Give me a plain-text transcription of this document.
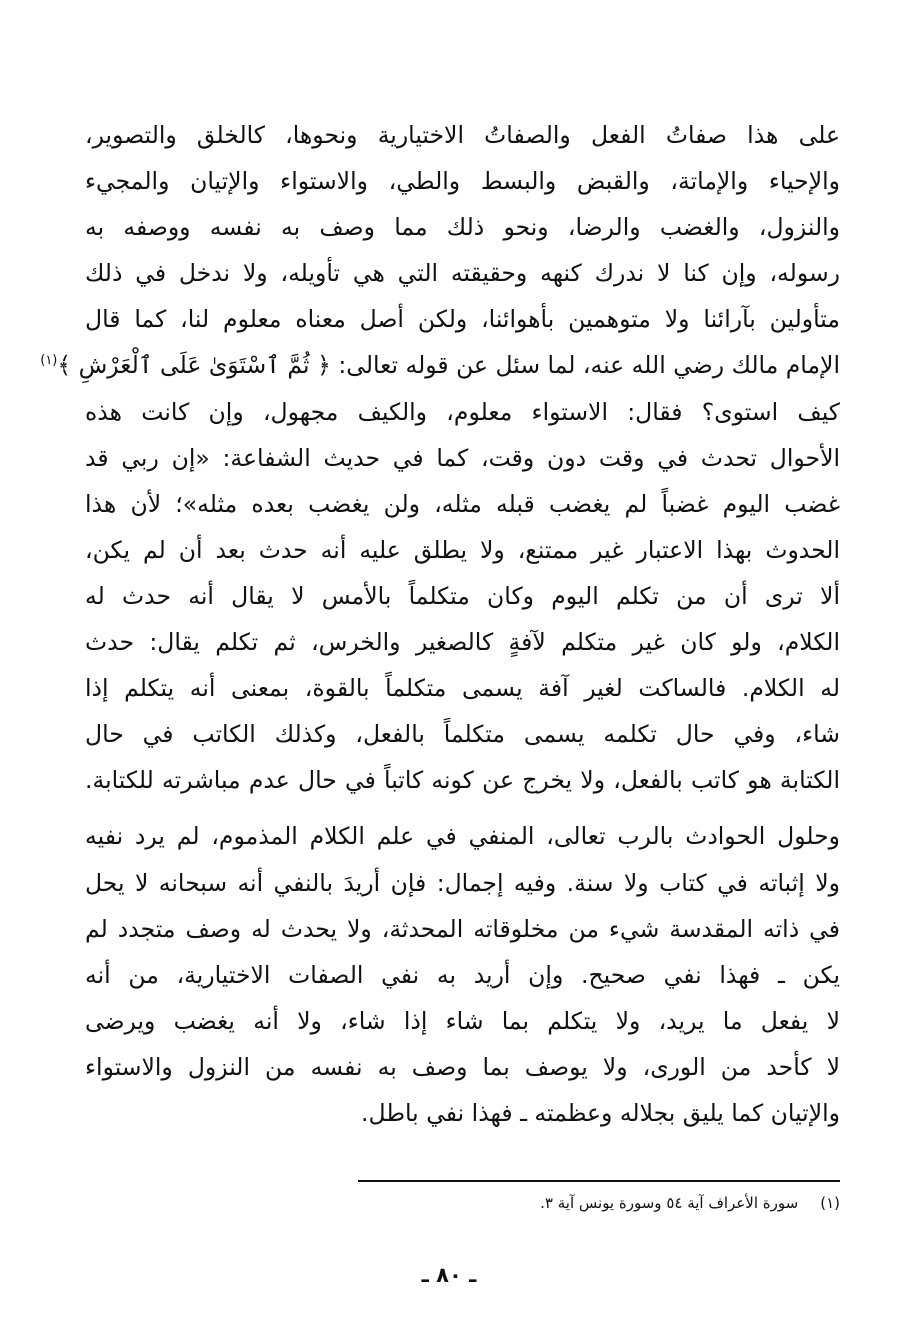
على هذا صفاتُ الفعل والصفاتُ الاختيارية ونحوها، كالخلق والتصوير،
والإحياء والإماتة، والقبض والبسط والطي، والاستواء والإتيان والمجيء
والنزول، والغضب والرضا، ونحو ذلك مما وصف به نفسه ووصفه به
رسوله، وإن كنا لا ندرك كنهه وحقيقته التي هي تأويله، ولا ندخل في ذلك
متأولين بآرائنا ولا متوهمين بأهوائنا، ولكن أصل معناه معلوم لنا، كما قال
الإمام مالك رضي الله عنه، لما سئل عن قوله تعالى: ﴿ ثُمَّ ٱسْتَوَىٰ عَلَى ٱلْعَرْشِ ﴾$^{(١)}$
كيف استوى؟ فقال: الاستواء معلوم، والكيف مجهول، وإن كانت هذه
الأحوال تحدث في وقت دون وقت، كما في حديث الشفاعة: «إن ربي قد
غضب اليوم غضباً لم يغضب قبله مثله، ولن يغضب بعده مثله»؛ لأن هذا
الحدوث بهذا الاعتبار غير ممتنع، ولا يطلق عليه أنه حدث بعد أن لم يكن،
ألا ترى أن من تكلم اليوم وكان متكلماً بالأمس لا يقال أنه حدث له
الكلام، ولو كان غير متكلم لآفةٍ كالصغير والخرس، ثم تكلم يقال: حدث
له الكلام. فالساكت لغير آفة يسمى متكلماً بالقوة، بمعنى أنه يتكلم إذا
شاء، وفي حال تكلمه يسمى متكلماً بالفعل، وكذلك الكاتب في حال
الكتابة هو كاتب بالفعل، ولا يخرج عن كونه كاتباً في حال عدم مباشرته للكتابة.
وحلول الحوادث بالرب تعالى، المنفي في علم الكلام المذموم، لم يرد نفيه
ولا إثباته في كتاب ولا سنة. وفيه إجمال: فإن أريدَ بالنفي أنه سبحانه لا يحل
في ذاته المقدسة شيء من مخلوقاته المحدثة، ولا يحدث له وصف متجدد لم
يكن ـ فهذا نفي صحيح. وإن أريد به نفي الصفات الاختيارية، من أنه
لا يفعل ما يريد، ولا يتكلم بما شاء إذا شاء، ولا أنه يغضب ويرضى
لا كأحد من الورى، ولا يوصف بما وصف به نفسه من النزول والاستواء
والإتيان كما يليق بجلاله وعظمته ـ فهذا نفي باطل.
(١)سورة الأعراف آية ٥٤ وسورة يونس آية ٣.
ـ ٨٠ ـ
